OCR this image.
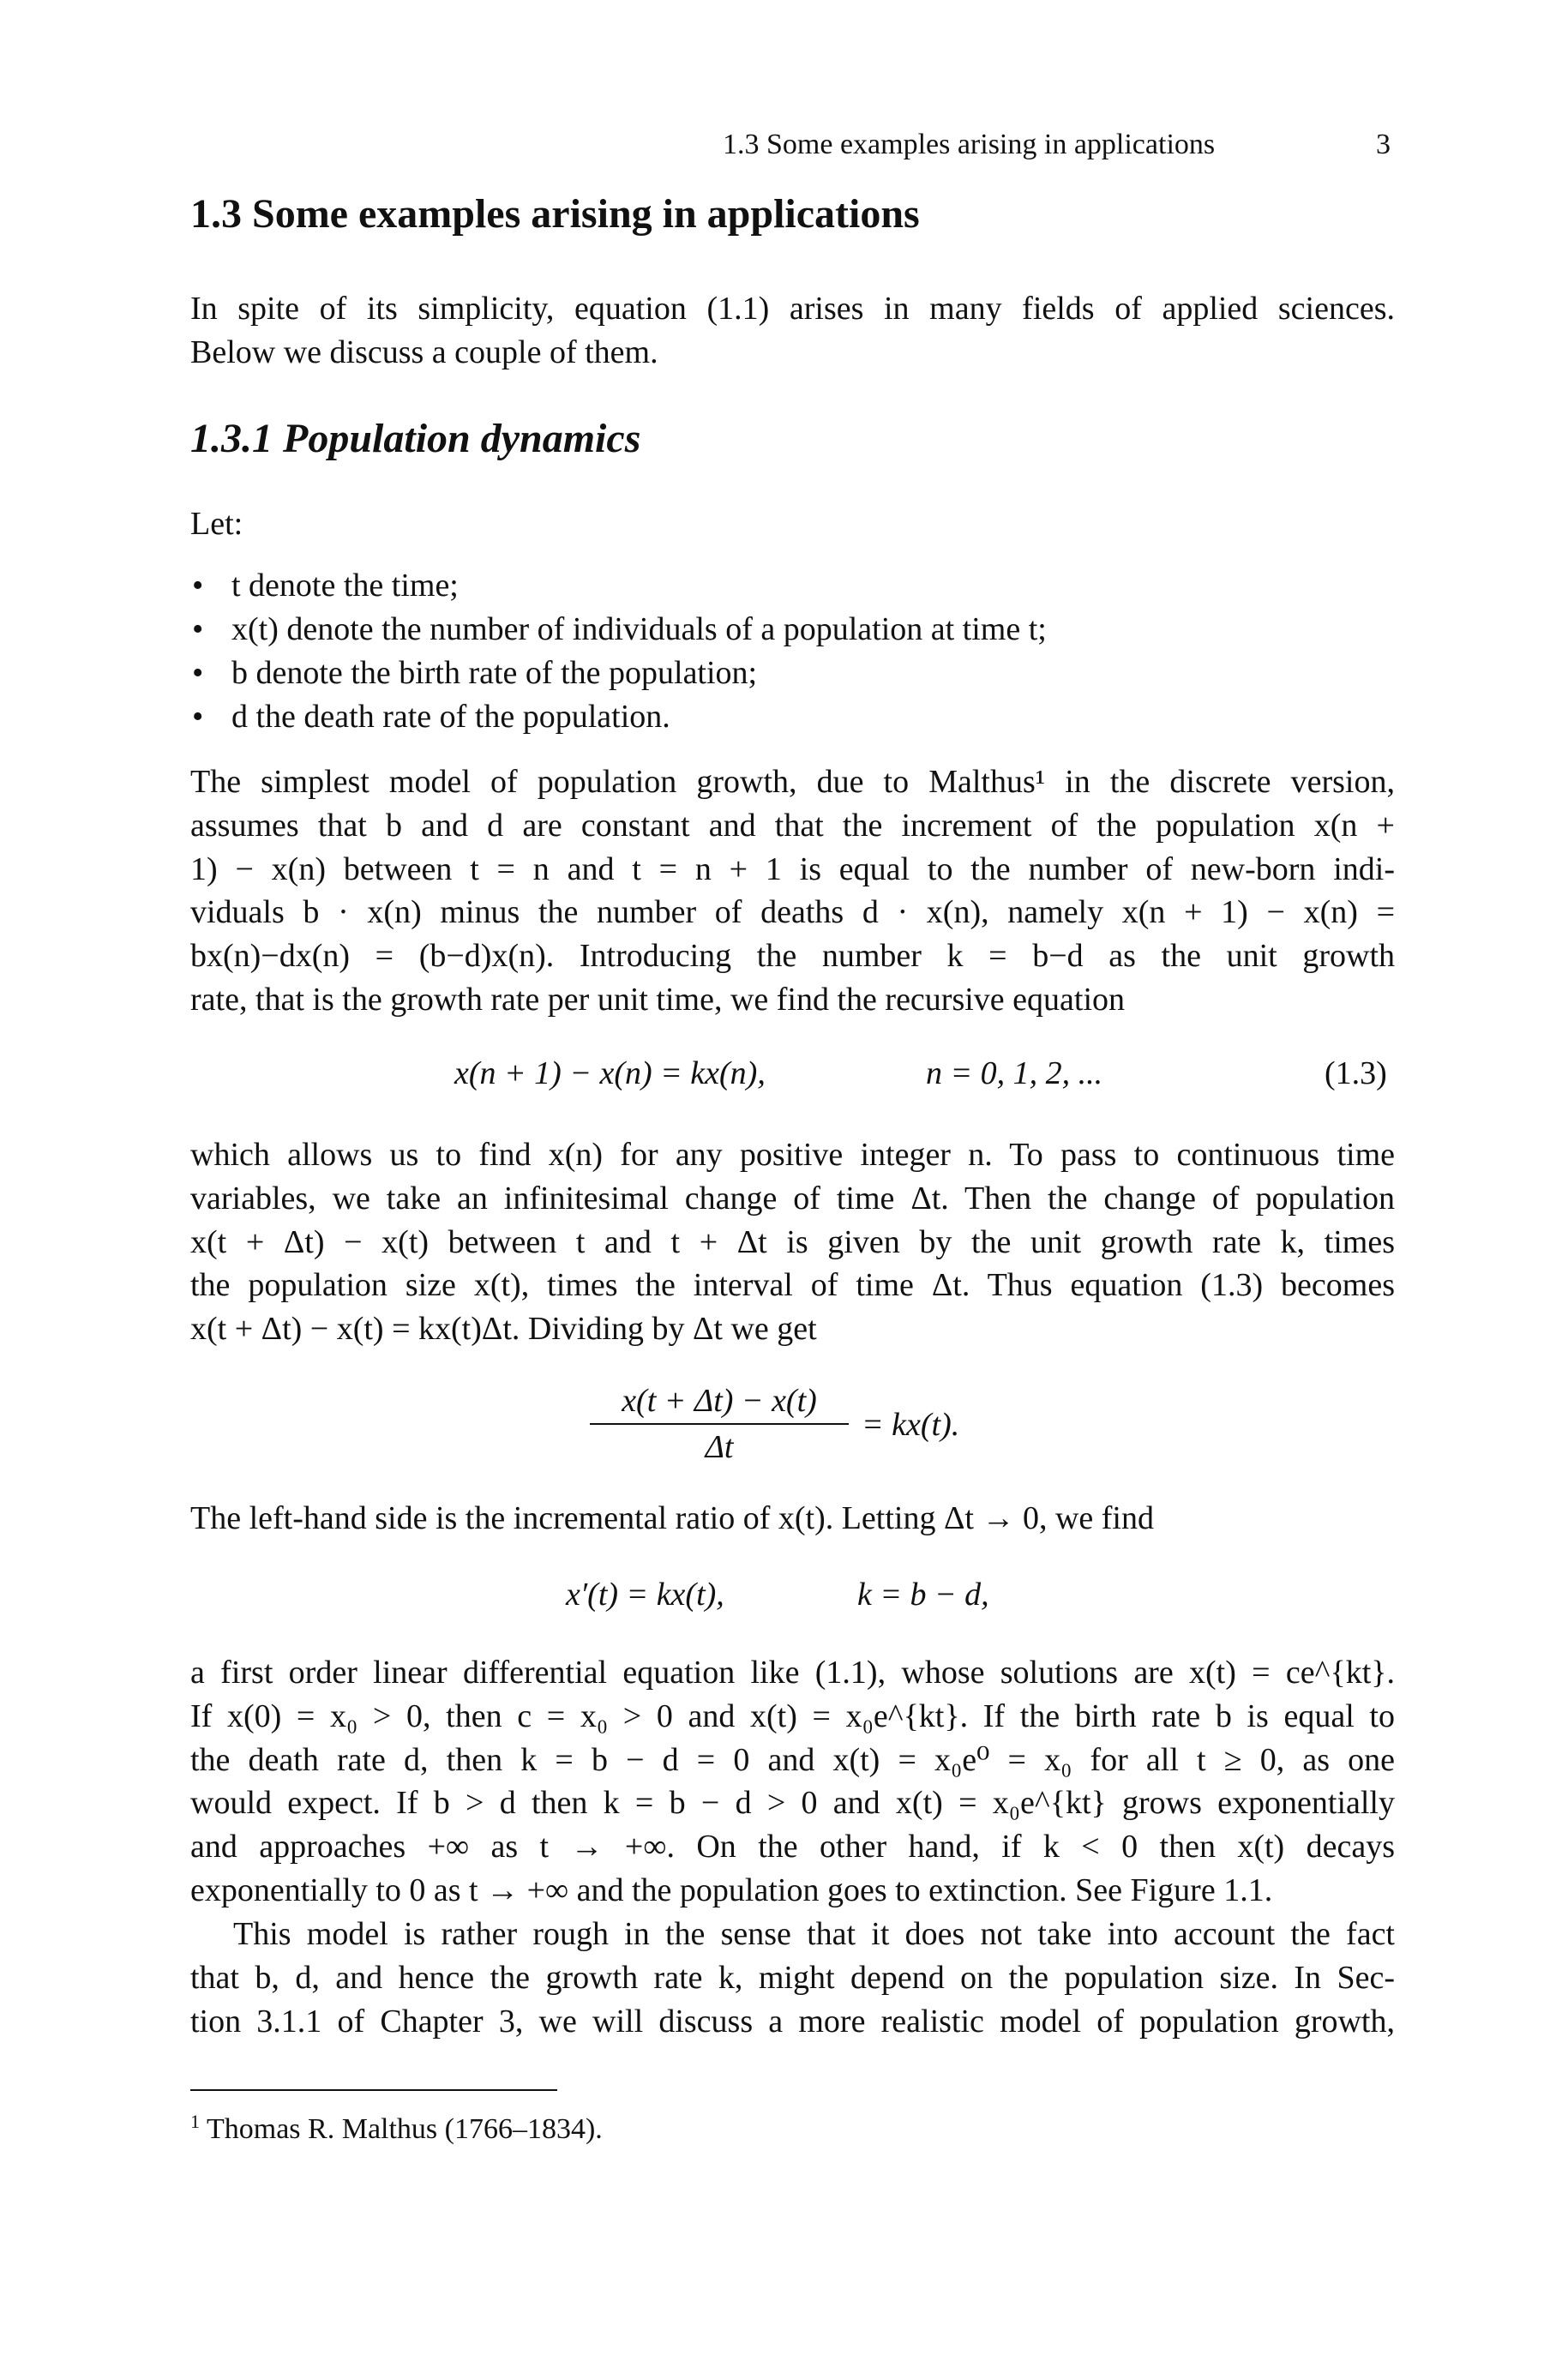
1.3 Some examples arising in applications	3
1.3 Some examples arising in applications
In spite of its simplicity, equation (1.1) arises in many fields of applied sciences.
Below we discuss a couple of them.
1.3.1 Population dynamics
Let:
• t denote the time;
• x(t) denote the number of individuals of a population at time t;
• b denote the birth rate of the population;
• d the death rate of the population.
The simplest model of population growth, due to Malthus¹ in the discrete version,
assumes that b and d are constant and that the increment of the population x(n +
1) − x(n) between t = n and t = n + 1 is equal to the number of new-born indi-
viduals b · x(n) minus the number of deaths d · x(n), namely x(n + 1) − x(n) =
bx(n)−dx(n) = (b−d)x(n). Introducing the number k = b−d as the unit growth
rate, that is the growth rate per unit time, we find the recursive equation
x(n + 1) − x(n) = kx(n),	n = 0, 1, 2, ...	(1.3)
which allows us to find x(n) for any positive integer n. To pass to continuous time
variables, we take an infinitesimal change of time Δt. Then the change of population
x(t + Δt) − x(t) between t and t + Δt is given by the unit growth rate k, times
the population size x(t), times the interval of time Δt. Thus equation (1.3) becomes
x(t + Δt) − x(t) = kx(t)Δt. Dividing by Δt we get
$\frac{x(t + \Delta t) - x(t)}{\Delta t} = kx(t)$.
The left-hand side is the incremental ratio of x(t). Letting Δt → 0, we find
x′(t) = kx(t),	k = b − d,
a first order linear differential equation like (1.1), whose solutions are x(t) = ce^{kt}.
If x(0) = x₀ > 0, then c = x₀ > 0 and x(t) = x₀e^{kt}. If the birth rate b is equal to
the death rate d, then k = b − d = 0 and x(t) = x₀e⁰ = x₀ for all t ≥ 0, as one
would expect. If b > d then k = b − d > 0 and x(t) = x₀e^{kt} grows exponentially
and approaches +∞ as t → +∞. On the other hand, if k < 0 then x(t) decays
exponentially to 0 as t → +∞ and the population goes to extinction. See Figure 1.1.
This model is rather rough in the sense that it does not take into account the fact
that b, d, and hence the growth rate k, might depend on the population size. In Sec-
tion 3.1.1 of Chapter 3, we will discuss a more realistic model of population growth,
$^1$ Thomas R. Malthus (1766–1834).
